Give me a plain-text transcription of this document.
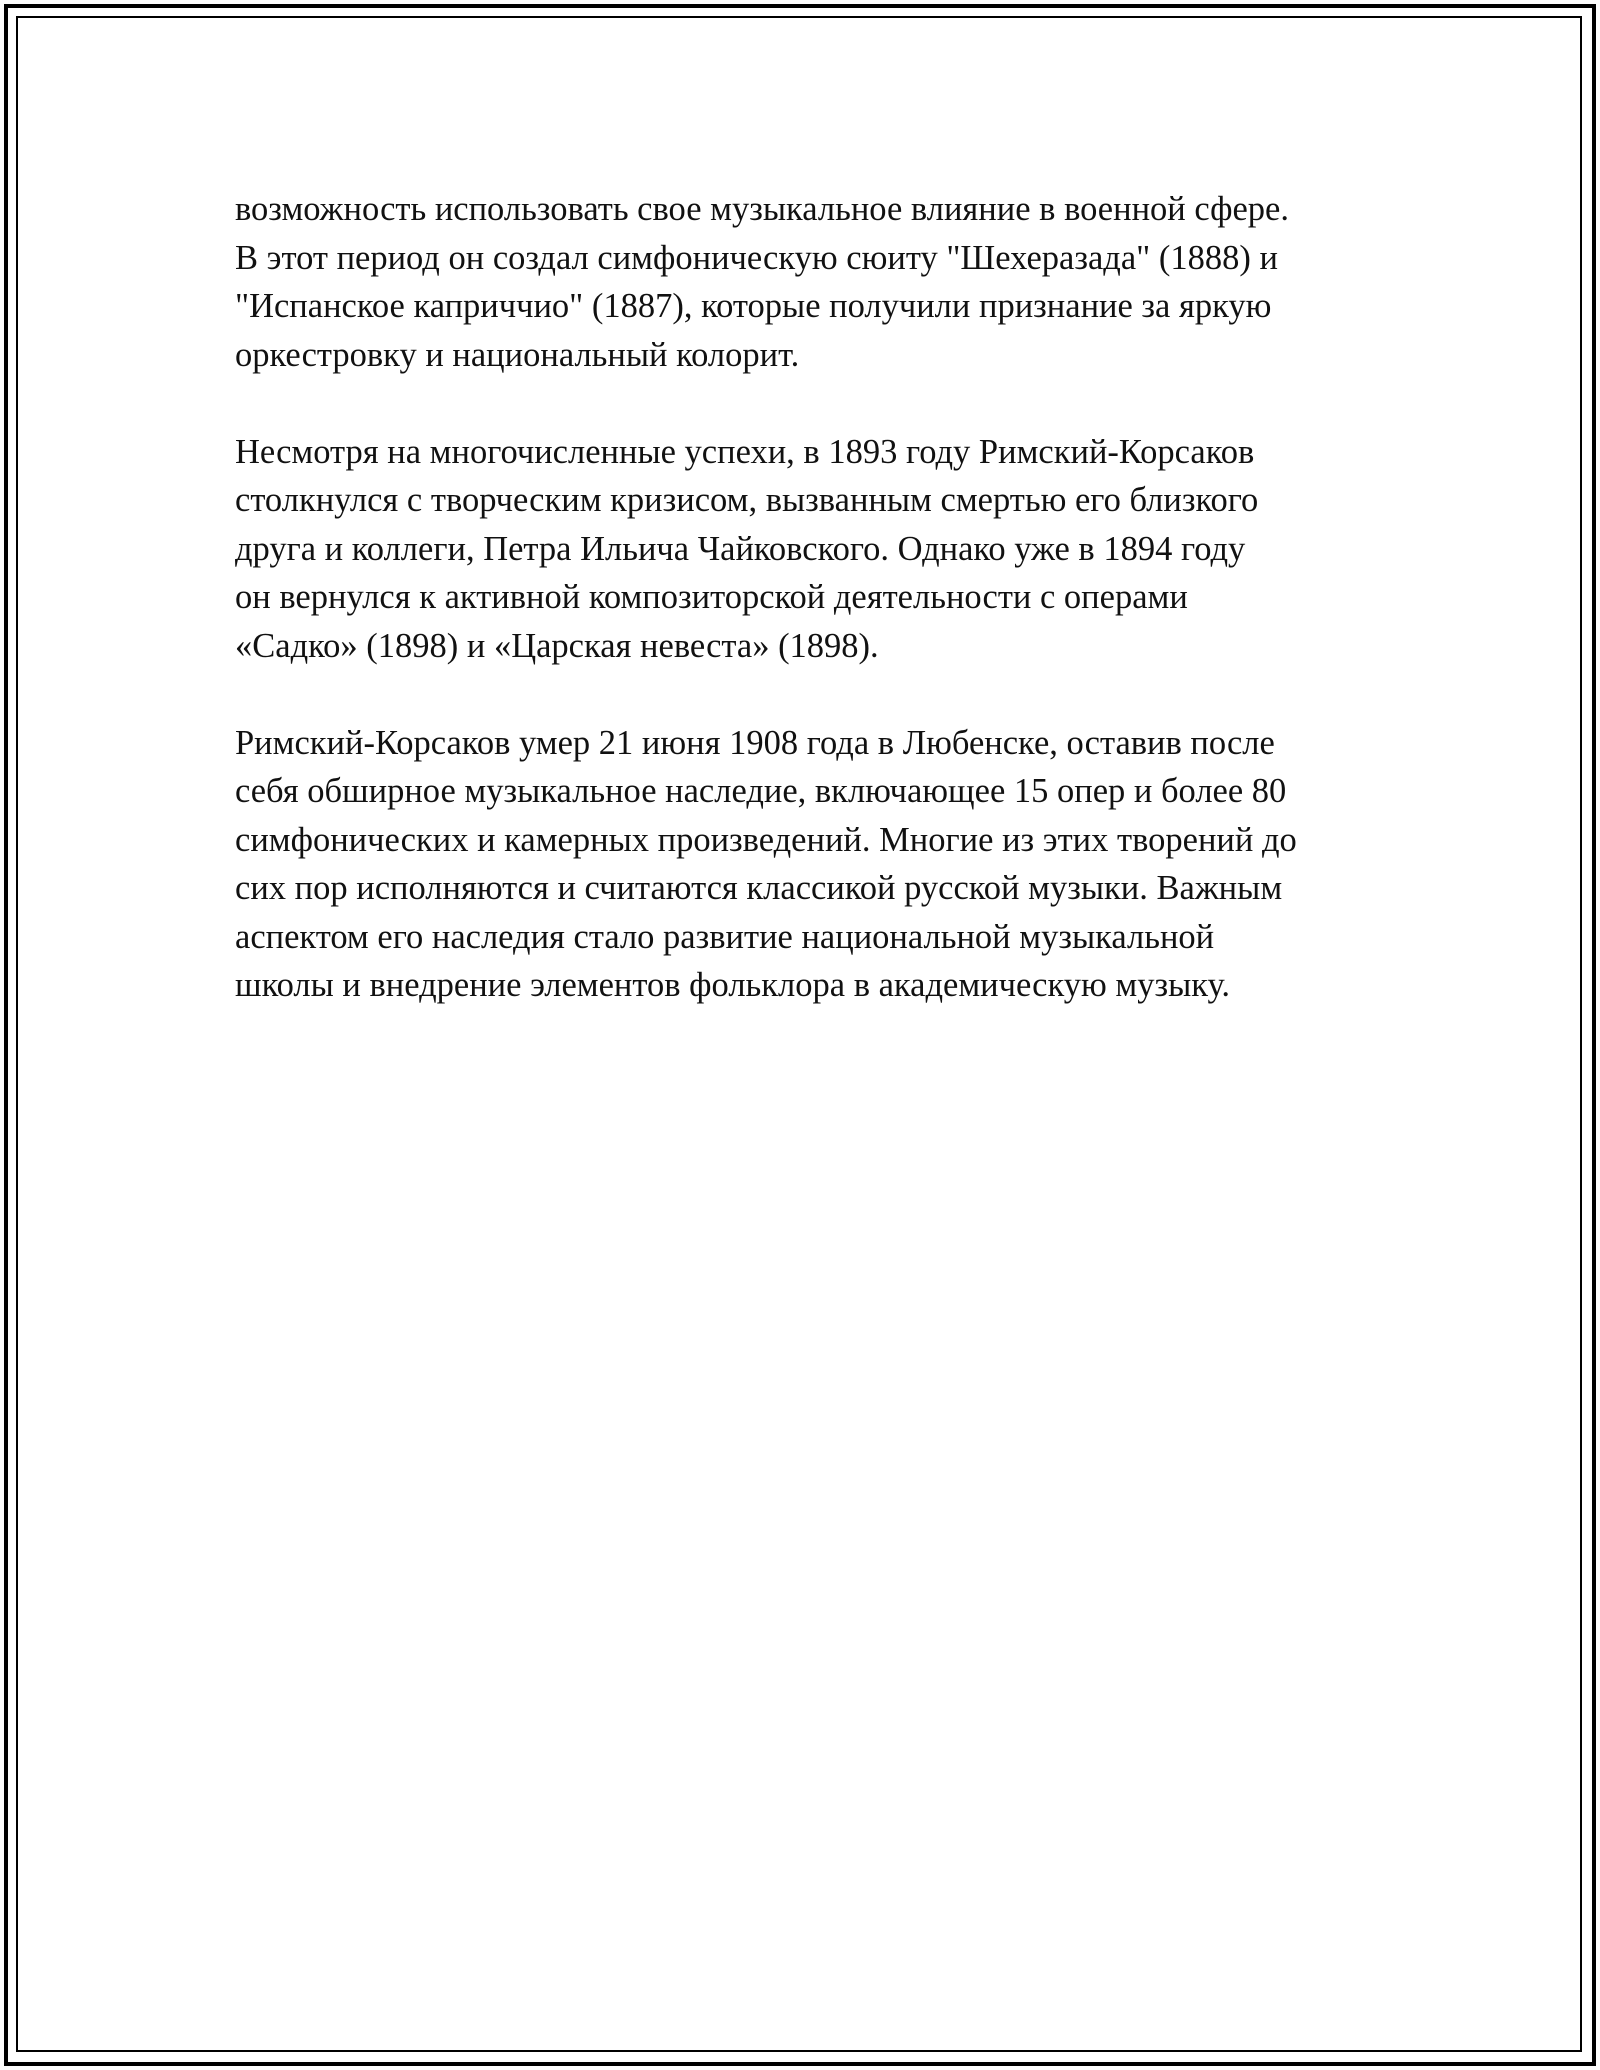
возможность использовать свое музыкальное влияние в военной сфере.
В этот период он создал симфоническую сюиту "Шехеразада" (1888) и
"Испанское каприччио" (1887), которые получили признание за яркую
оркестровку и национальный колорит.

Несмотря на многочисленные успехи, в 1893 году Римский-Корсаков
столкнулся с творческим кризисом, вызванным смертью его близкого
друга и коллеги, Петра Ильича Чайковского. Однако уже в 1894 году
он вернулся к активной композиторской деятельности с операми
«Садко» (1898) и «Царская невеста» (1898).

Римский-Корсаков умер 21 июня 1908 года в Любенске, оставив после
себя обширное музыкальное наследие, включающее 15 опер и более 80
симфонических и камерных произведений. Многие из этих творений до
сих пор исполняются и считаются классикой русской музыки. Важным
аспектом его наследия стало развитие национальной музыкальной
школы и внедрение элементов фольклора в академическую музыку.
